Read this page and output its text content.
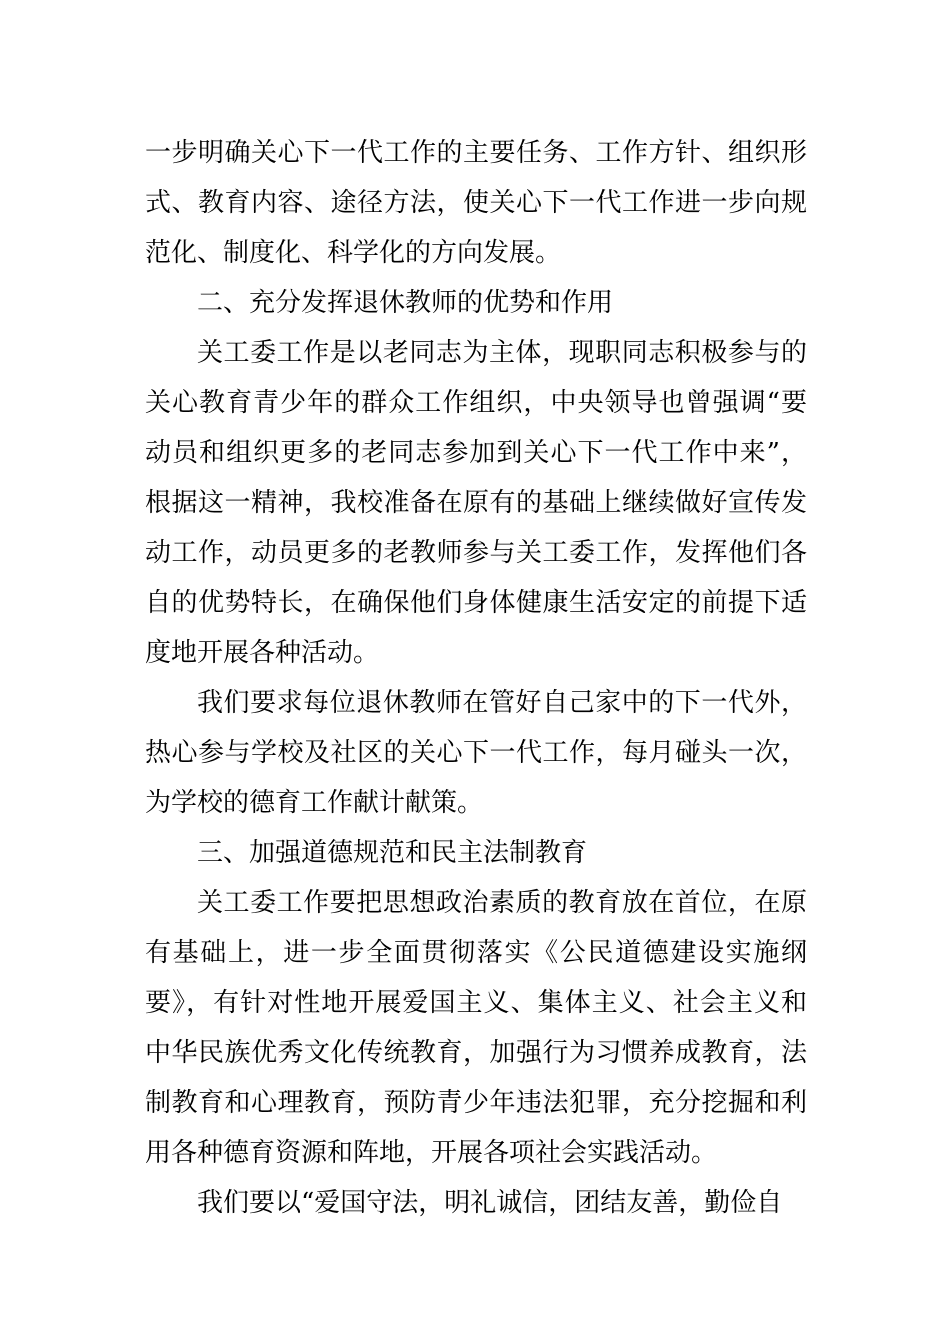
一步明确关心下一代工作的主要任务、工作方针、组织形式、教育内容、途径方法，使关心下一代工作进一步向规范化、制度化、科学化的方向发展。

二、充分发挥退休教师的优势和作用

关工委工作是以老同志为主体，现职同志积极参与的关心教育青少年的群众工作组织，中央领导也曾强调“要动员和组织更多的老同志参加到关心下一代工作中来”，根据这一精神，我校准备在原有的基础上继续做好宣传发动工作，动员更多的老教师参与关工委工作，发挥他们各自的优势特长，在确保他们身体健康生活安定的前提下适度地开展各种活动。

我们要求每位退休教师在管好自己家中的下一代外，热心参与学校及社区的关心下一代工作，每月碰头一次，为学校的德育工作献计献策。

三、加强道德规范和民主法制教育

关工委工作要把思想政治素质的教育放在首位，在原有基础上，进一步全面贯彻落实《公民道德建设实施纲要》，有针对性地开展爱国主义、集体主义、社会主义和中华民族优秀文化传统教育，加强行为习惯养成教育，法制教育和心理教育，预防青少年违法犯罪，充分挖掘和利用各种德育资源和阵地，开展各项社会实践活动。

我们要以“爱国守法，明礼诚信，团结友善，勤俭自
